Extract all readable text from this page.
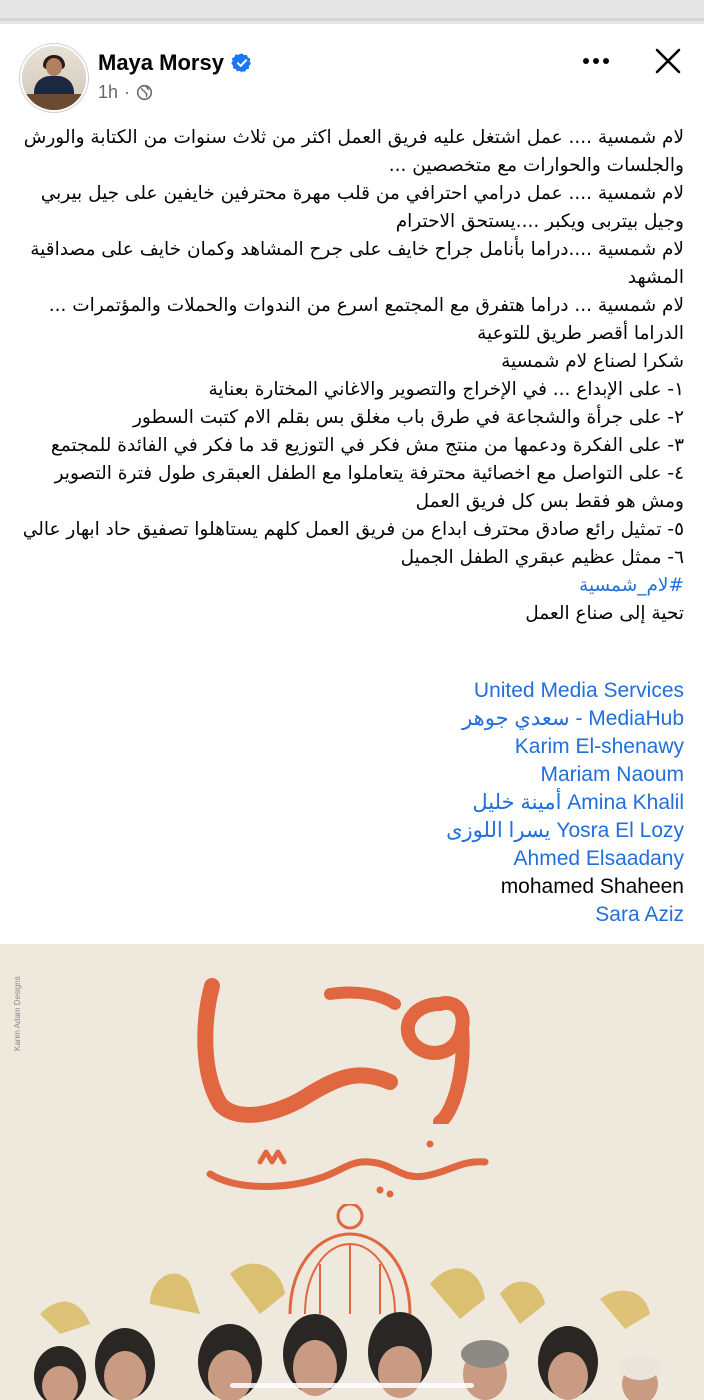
Maya Morsy
1h ·

لام شمسية .... عمل اشتغل عليه فريق العمل اكثر من ثلاث سنوات من الكتابة والورش والجلسات والحوارات مع متخصصين ...

لام شمسية .... عمل درامي احترافي من قلب مهرة محترفين خايفين على جيل بيربي وجيل بيتربى ويكبر ....يستحق الاحترام

لام شمسية ....دراما بأنامل جراح خايف على جرح المشاهد وكمان خايف على مصداقية المشهد

لام شمسية ... دراما هتفرق مع المجتمع اسرع من الندوات والحملات والمؤتمرات ... الدراما أقصر طريق للتوعية

شكرا لصناع لام شمسية

١- على الإبداع ... في الإخراج والتصوير والاغاني المختارة بعناية

٢- على جرأة والشجاعة في طرق باب مغلق بس بقلم الام كتبت السطور

٣- على الفكرة ودعمها من منتج مش فكر في التوزيع قد ما فكر في الفائدة للمجتمع

٤- على التواصل مع اخصائية محترفة يتعاملوا مع الطفل العبقرى طول فترة التصوير ومش هو فقط بس كل فريق العمل

٥- تمثيل رائع صادق محترف ابداع من فريق العمل كلهم يستاهلوا تصفيق حاد ابهار عالي

٦- ممثل عظيم عبقري الطفل الجميل

#لام_شمسية

تحية إلى صناع العمل

United Media Services

سعدي جوهر - MediaHub

Karim El-shenawy

Mariam Naoum

أمينة خليل Amina Khalil

يسرا اللوزى Yosra El Lozy

Ahmed Elsaadany

mohamed Shaheen

Sara Aziz

Karim Adam Designs
